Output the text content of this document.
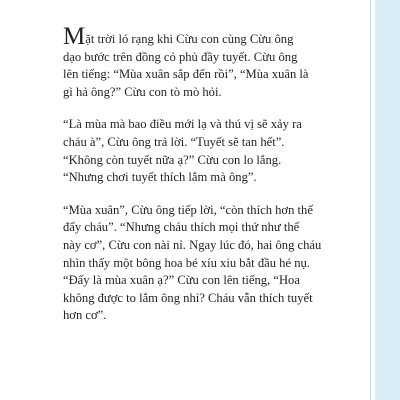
Mặt trời ló rạng khi Cừu con cùng Cừu ông
dạo bước trên đồng cỏ phủ đầy tuyết. Cừu ông
lên tiếng: “Mùa xuân sắp đến rồi”, “Mùa xuân là
gì hả ông?” Cừu con tò mò hỏi.

“Là mùa mà bao điều mới lạ và thú vị sẽ xảy ra
cháu à”, Cừu ông trả lời. “Tuyết sẽ tan hết”.
“Không còn tuyết nữa ạ?” Cừu con lo lắng.
“Nhưng chơi tuyết thích lắm mà ông”.

“Mùa xuân”, Cừu ông tiếp lời, “còn thích hơn thế
đấy cháu”. “Nhưng cháu thích mọi thứ như thế
này cơ”, Cừu con nài nỉ. Ngay lúc đó, hai ông cháu
nhìn thấy một bông hoa bé xíu xiu bắt đầu hé nụ.
“Đấy là mùa xuân ạ?” Cừu con lên tiếng, “Hoa
không được to lắm ông nhỉ? Cháu vẫn thích tuyết
hơn cơ”.
